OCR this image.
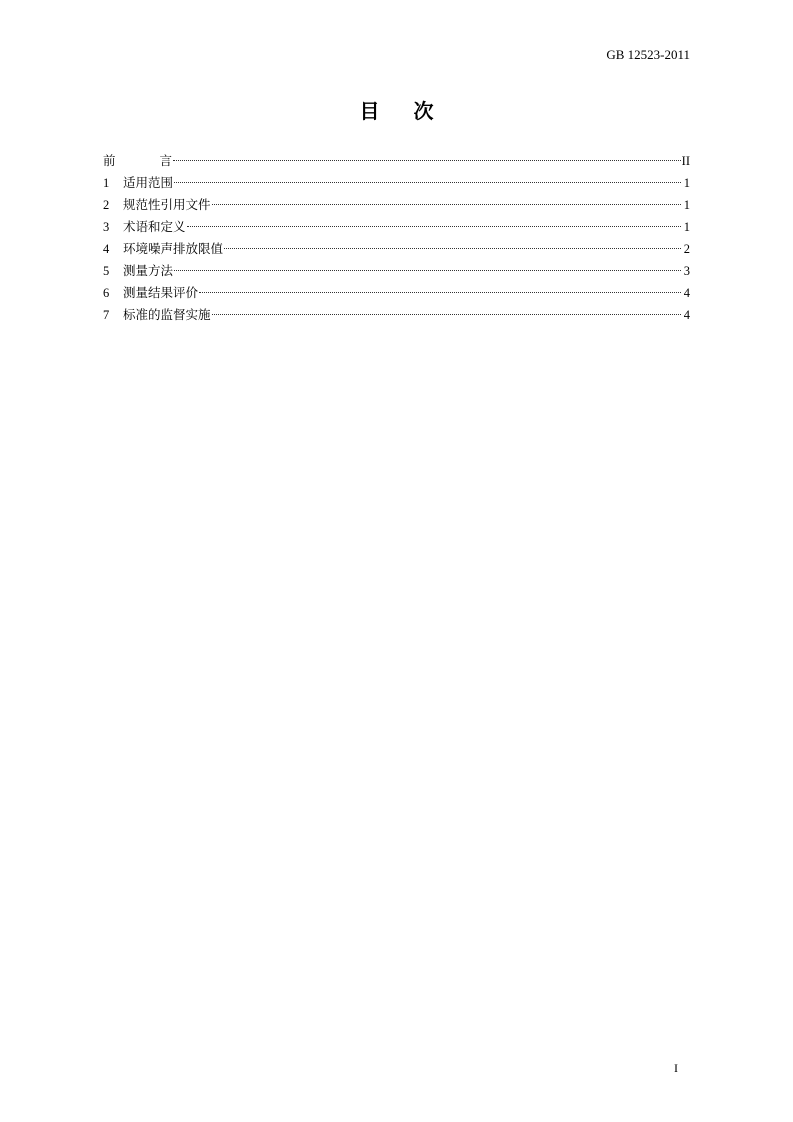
GB 12523-2011
目 次
前 言	II
1	适用范围	1
2	规范性引用文件	1
3	术语和定义	1
4	环境噪声排放限值	2
5	测量方法	3
6	测量结果评价	4
7	标准的监督实施	4
I
